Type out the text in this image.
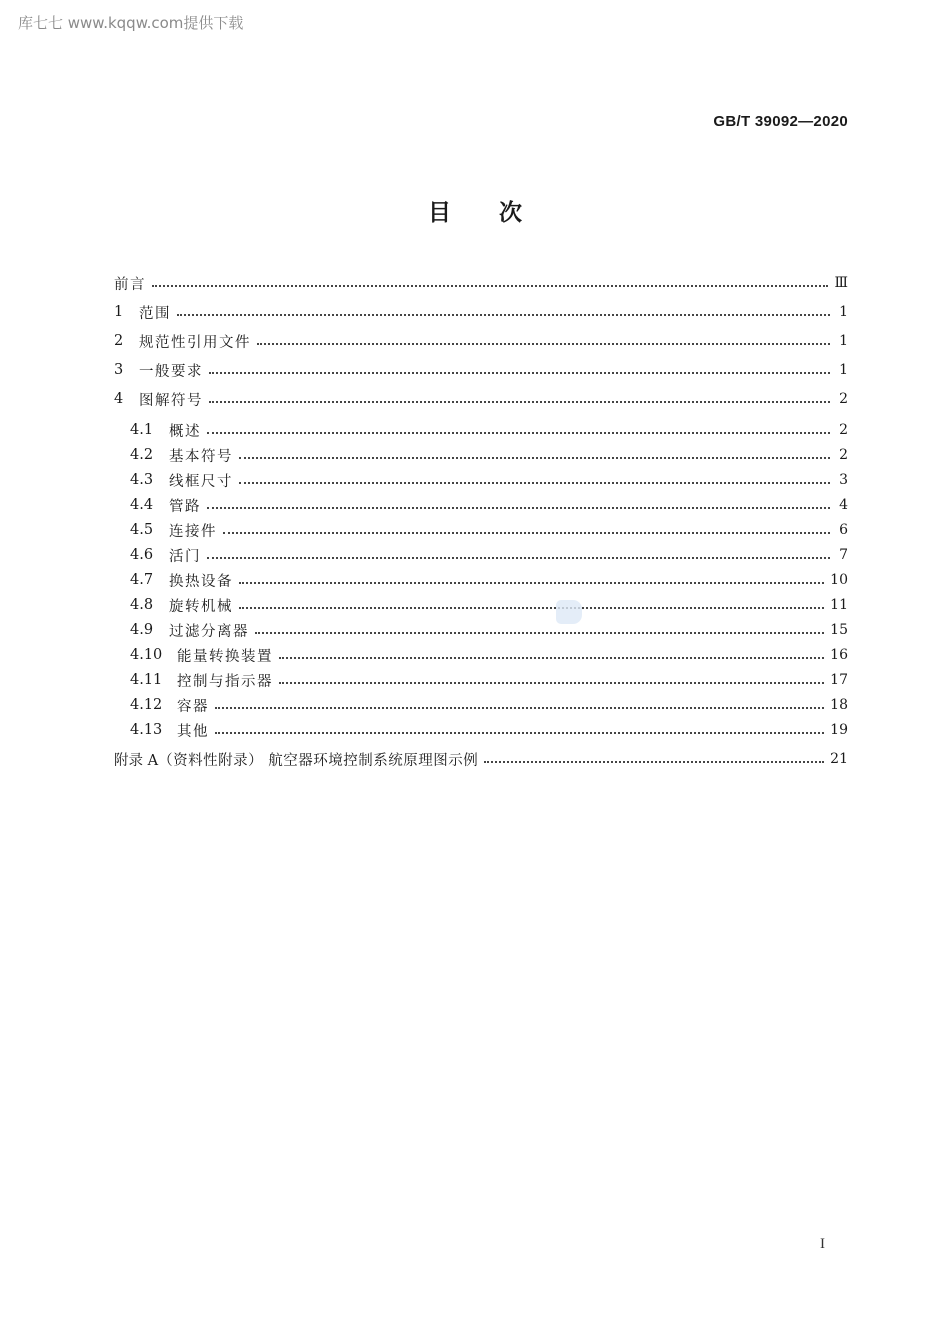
库七七 www.kqqw.com提供下载
GB/T 39092—2020
目次
前言	Ⅲ
1	范围	1
2	规范性引用文件	1
3	一般要求	1
4	图解符号	2
4.1	概述	2
4.2	基本符号	2
4.3	线框尺寸	3
4.4	管路	4
4.5	连接件	6
4.6	活门	7
4.7	换热设备	10
4.8	旋转机械	11
4.9	过滤分离器	15
4.10	能量转换装置	16
4.11	控制与指示器	17
4.12	容器	18
4.13	其他	19
附录 A （资料性附录） 航空器环境控制系统原理图示例	21
I
